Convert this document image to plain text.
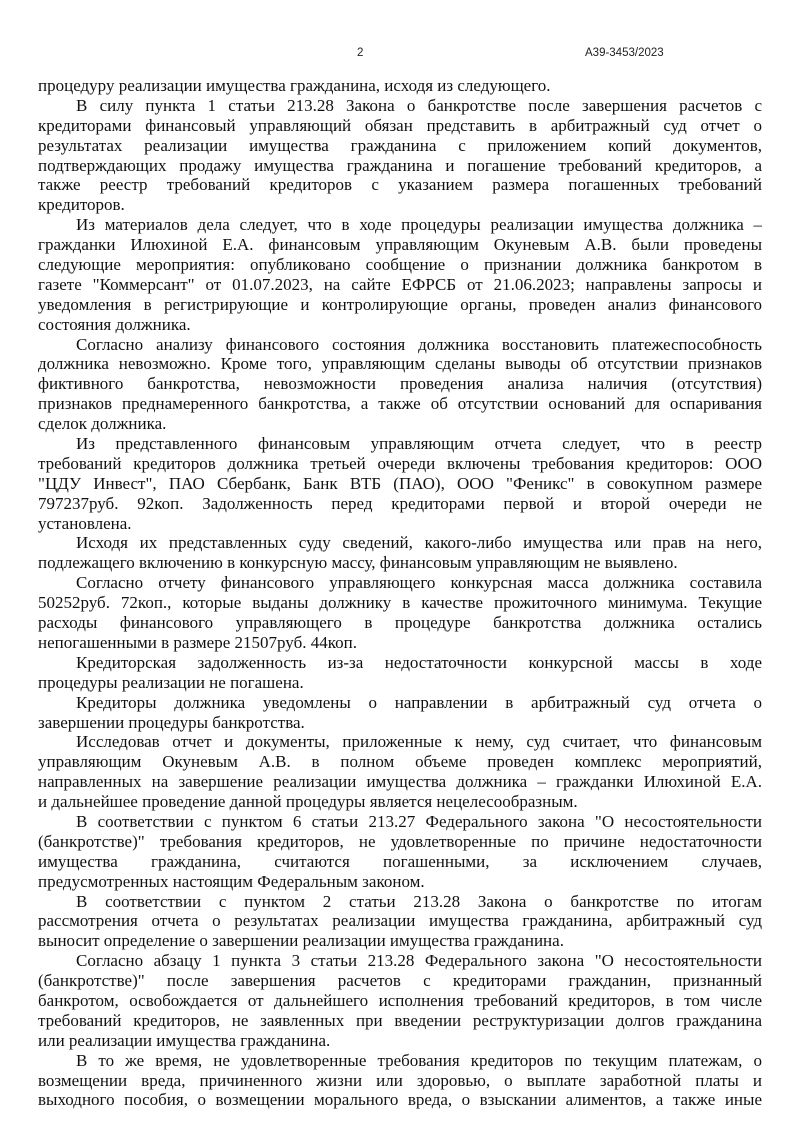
2	А39-3453/2023
процедуру реализации имущества гражданина, исходя из следующего.
В силу пункта 1 статьи 213.28 Закона о банкротстве после завершения расчетов с
кредиторами финансовый управляющий обязан представить в арбитражный суд отчет о
результатах реализации имущества гражданина с приложением копий документов,
подтверждающих продажу имущества гражданина и погашение требований кредиторов, а
также реестр требований кредиторов с указанием размера погашенных требований
кредиторов.
Из материалов дела следует, что в ходе процедуры реализации имущества должника –
гражданки Илюхиной Е.А. финансовым управляющим Окуневым А.В. были проведены
следующие мероприятия: опубликовано сообщение о признании должника банкротом в
газете "Коммерсант" от 01.07.2023, на сайте ЕФРСБ от 21.06.2023; направлены запросы и
уведомления в регистрирующие и контролирующие органы, проведен анализ финансового
состояния должника.
Согласно анализу финансового состояния должника восстановить платежеспособность
должника невозможно. Кроме того, управляющим сделаны выводы об отсутствии признаков
фиктивного банкротства, невозможности проведения анализа наличия (отсутствия)
признаков преднамеренного банкротства, а также об отсутствии оснований для оспаривания
сделок должника.
Из представленного финансовым управляющим отчета следует, что в реестр
требований кредиторов должника третьей очереди включены требования кредиторов: ООО
"ЦДУ Инвест", ПАО Сбербанк, Банк ВТБ (ПАО), ООО "Феникс" в совокупном размере
797237руб. 92коп. Задолженность перед кредиторами первой и второй очереди не
установлена.
Исходя их представленных суду сведений, какого-либо имущества или прав на него,
подлежащего включению в конкурсную массу, финансовым управляющим не выявлено.
Согласно отчету финансового управляющего конкурсная масса должника составила
50252руб. 72коп., которые выданы должнику в качестве прожиточного минимума. Текущие
расходы финансового управляющего в процедуре банкротства должника остались
непогашенными в размере 21507руб. 44коп.
Кредиторская задолженность из-за недостаточности конкурсной массы в ходе
процедуры реализации не погашена.
Кредиторы должника уведомлены о направлении в арбитражный суд отчета о
завершении процедуры банкротства.
Исследовав отчет и документы, приложенные к нему, суд считает, что финансовым
управляющим Окуневым А.В. в полном объеме проведен комплекс мероприятий,
направленных на завершение реализации имущества должника – гражданки Илюхиной Е.А.
и дальнейшее проведение данной процедуры является нецелесообразным.
В соответствии с пунктом 6 статьи 213.27 Федерального закона "О несостоятельности
(банкротстве)" требования кредиторов, не удовлетворенные по причине недостаточности
имущества гражданина, считаются погашенными, за исключением случаев,
предусмотренных настоящим Федеральным законом.
В соответствии с пунктом 2 статьи 213.28 Закона о банкротстве по итогам
рассмотрения отчета о результатах реализации имущества гражданина, арбитражный суд
выносит определение о завершении реализации имущества гражданина.
Согласно абзацу 1 пункта 3 статьи 213.28 Федерального закона "О несостоятельности
(банкротстве)" после завершения расчетов с кредиторами гражданин, признанный
банкротом, освобождается от дальнейшего исполнения требований кредиторов, в том числе
требований кредиторов, не заявленных при введении реструктуризации долгов гражданина
или реализации имущества гражданина.
В то же время, не удовлетворенные требования кредиторов по текущим платежам, о
возмещении вреда, причиненного жизни или здоровью, о выплате заработной платы и
выходного пособия, о возмещении морального вреда, о взыскании алиментов, а также иные
